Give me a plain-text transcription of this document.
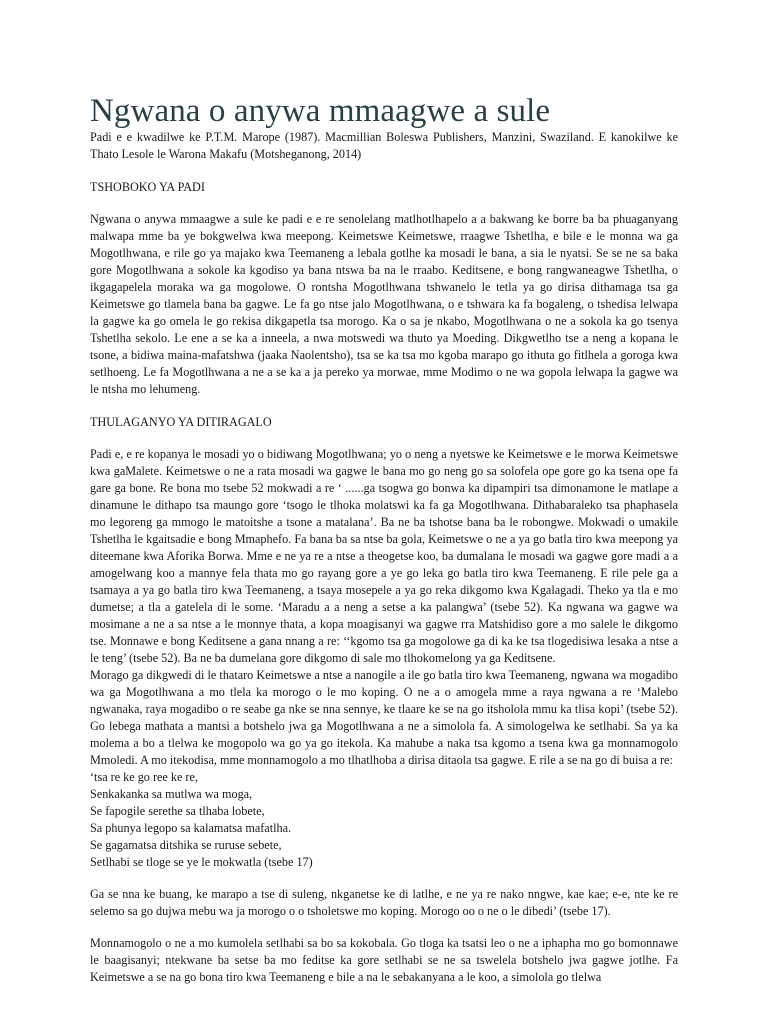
Ngwana o anywa mmaagwe a sule

Padi e e kwadilwe ke P.T.M. Marope (1987). Macmillian Boleswa Publishers, Manzini, Swaziland. E kanokilwe ke Thato Lesole le Warona Makafu (Motsheganong, 2014)

TSHOBOKO YA PADI

Ngwana o anywa mmaagwe a sule ke padi e e re senolelang matlhotlhapelo a a bakwang ke borre ba ba phuaganyang malwapa mme ba ye bokgwelwa kwa meepong. Keimetswe Keimetswe, rraagwe Tshetlha, e bile e le monna wa ga Mogotlhwana, e rile go ya majako kwa Teemaneng a lebala gotlhe ka mosadi le bana, a sia le nyatsi. Se se ne sa baka gore Mogotlhwana a sokole ka kgodiso ya bana ntswa ba na le rraabo. Keditsene, e bong rangwaneagwe Tshetlha, o ikgagapelela moraka wa ga mogolowe. O rontsha Mogotlhwana tshwanelo le tetla ya go dirisa dithamaga tsa ga Keimetswe go tlamela bana ba gagwe. Le fa go ntse jalo Mogotlhwana, o e tshwara ka fa bogaleng, o tshedisa lelwapa la gagwe ka go omela le go rekisa dikgapetla tsa morogo. Ka o sa je nkabo, Mogotlhwana o ne a sokola ka go tsenya Tshetlha sekolo. Le ene a se ka a inneela, a nwa motswedi wa thuto ya Moeding. Dikgwetlho tse a neng a kopana le tsone, a bidiwa maina-mafatshwa (jaaka Naolentsho), tsa se ka tsa mo kgoba marapo go ithuta go fitlhela a goroga kwa setlhoeng. Le fa Mogotlhwana a ne a se ka a ja pereko ya morwae, mme Modimo o ne wa gopola lelwapa la gagwe wa le ntsha mo lehumeng.

THULAGANYO YA DITIRAGALO

Padi e, e re kopanya le mosadi yo o bidiwang Mogotlhwana; yo o neng a nyetswe ke Keimetswe e le morwa Keimetswe kwa gaMalete. Keimetswe o ne a rata mosadi wa gagwe le bana mo go neng go sa solofela ope gore go ka tsena ope fa gare ga bone. Re bona mo tsebe 52 mokwadi a re ‘ ......ga tsogwa go bonwa ka dipampiri tsa dimonamone le matlape a dinamune le dithapo tsa maungo gore ‘tsogo le tlhoka molatswi ka fa ga Mogotlhwana. Dithabaraleko tsa phaphasela mo legoreng ga mmogo le matoitshe a tsone a matalana’. Ba ne ba tshotse bana ba le robongwe. Mokwadi o umakile Tshetlha le kgaitsadie e bong Mmaphefo. Fa bana ba sa ntse ba gola, Keimetswe o ne a ya go batla tiro kwa meepong ya diteemane kwa Aforika Borwa. Mme e ne ya re a ntse a theogetse koo, ba dumalana le mosadi wa gagwe gore madi a a amogelwang koo a mannye fela thata mo go rayang gore a ye go leka go batla tiro kwa Teemaneng. E rile pele ga a tsamaya a ya go batla tiro kwa Teemaneng, a tsaya mosepele a ya go reka dikgomo kwa Kgalagadi. Theko ya tla e mo dumetse; a tla a gatelela di le some. ‘Maradu a a neng a setse a ka palangwa’ (tsebe 52). Ka ngwana wa gagwe wa mosimane a ne a sa ntse a le monnye thata, a kopa moagisanyi wa gagwe rra Matshidiso gore a mo salele le dikgomo tse. Monnawe e bong Keditsene a gana nnang a re: ‘‘kgomo tsa ga mogolowe ga di ka ke tsa tlogedisiwa lesaka a ntse a le teng’ (tsebe 52). Ba ne ba dumelana gore dikgomo di sale mo tlhokomelong ya ga Keditsene.

Morago ga dikgwedi di le thataro Keimetswe a ntse a nanogile a ile go batla tiro kwa Teemaneng, ngwana wa mogadibo wa ga Mogotlhwana a mo tlela ka morogo o le mo koping. O ne a o amogela mme a raya ngwana a re ‘Malebo ngwanaka, raya mogadibo o re seabe ga nke se nna sennye, ke tlaare ke se na go itsholola mmu ka tlisa kopi’ (tsebe 52). Go lebega mathata a mantsi a botshelo jwa ga Mogotlhwana a ne a simolola fa. A simologelwa ke setlhabi. Sa ya ka molema a bo a tlelwa ke mogopolo wa go ya go itekola. Ka mahube a naka tsa kgomo a tsena kwa ga monnamogolo Mmoledi. A mo itekodisa, mme monnamogolo a mo tlhatlhoba a dirisa ditaola tsa gagwe. E rile a se na go di buisa a re:

‘tsa re ke go ree ke re,

Senkakanka sa mutlwa wa moga,

Se fapogile serethe sa tlhaba lobete,

Sa phunya legopo sa kalamatsa mafatlha.

Se gagamatsa ditshika se ruruse sebete,

Setlhabi se tloge se ye le mokwatla (tsebe 17)

Ga se nna ke buang, ke marapo a tse di suleng, nkganetse ke di latlhe, e ne ya re nako nngwe, kae kae; e-e, nte ke re selemo sa go dujwa mebu wa ja morogo o o tsholetswe mo koping. Morogo oo o ne o le dibedi’ (tsebe 17).

Monnamogolo o ne a mo kumolela setlhabi sa bo sa kokobala. Go tloga ka tsatsi leo o ne a iphapha mo go bomonnawe le baagisanyi; ntekwane ba setse ba mo feditse ka gore setlhabi se ne sa tswelela botshelo jwa gagwe jotlhe. Fa Keimetswe a se na go bona tiro kwa Teemaneng e bile a na le sebakanyana a le koo, a simolola go tlelwa
